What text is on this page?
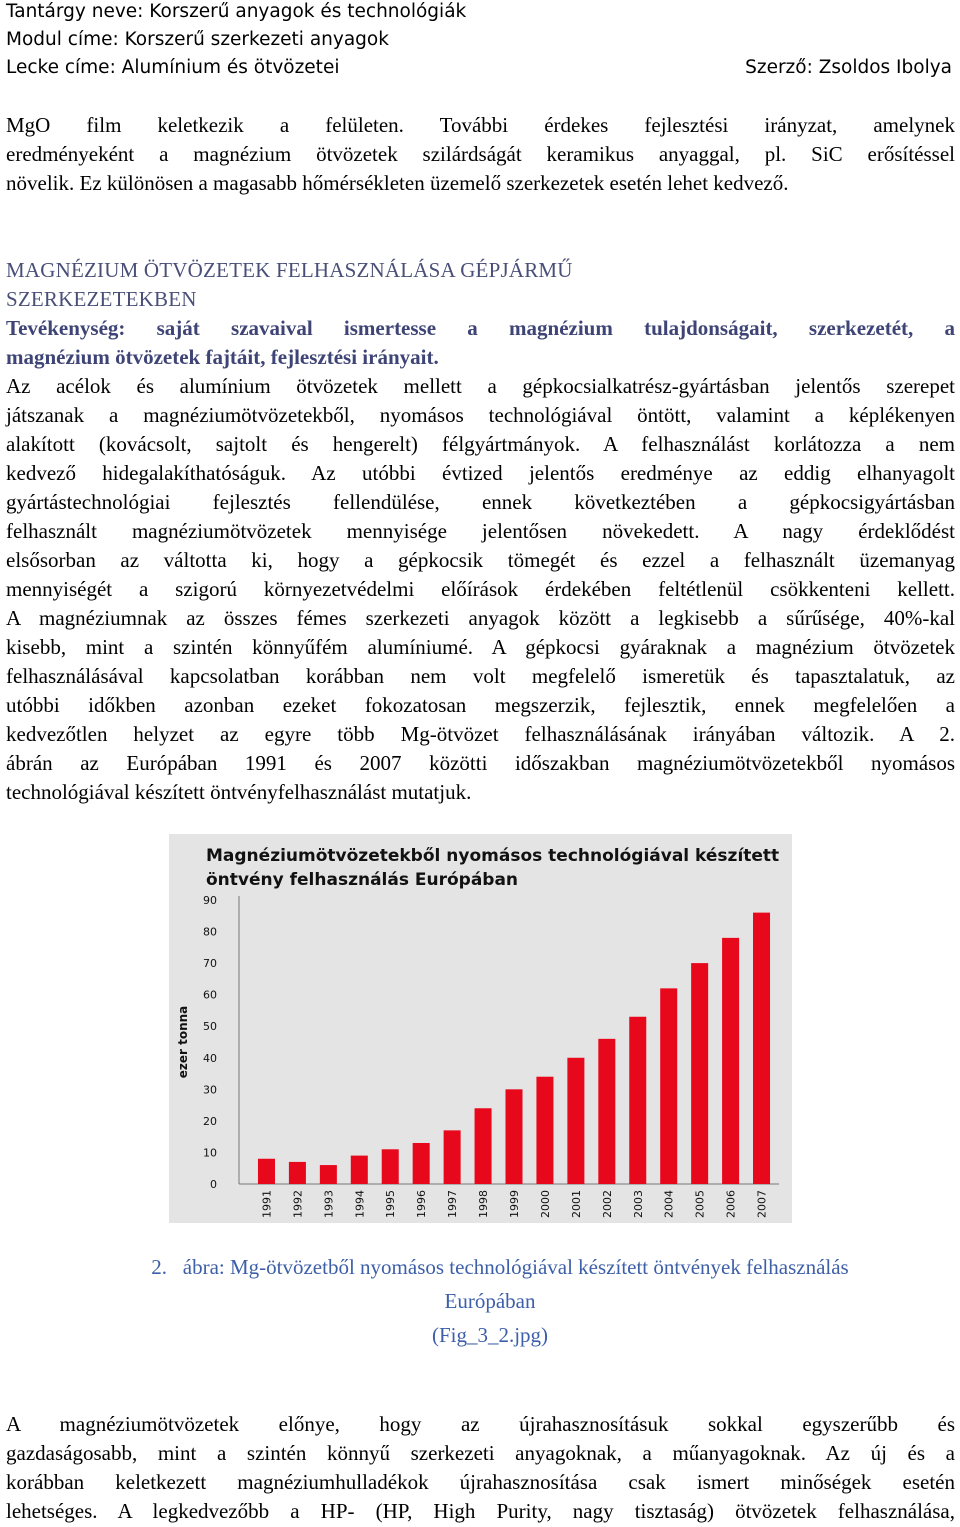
Tantárgy neve: Korszerű anyagok és technológiák
Modul címe: Korszerű szerkezeti anyagok
Lecke címe: Alumínium és ötvözetei	Szerző: Zsoldos Ibolya
MgO film keletkezik a felületen. További érdekes fejlesztési irányzat, amelynek
eredményeként a magnézium ötvözetek szilárdságát keramikus anyaggal, pl. SiC erősítéssel
növelik. Ez különösen a magasabb hőmérsékleten üzemelő szerkezetek esetén lehet kedvező.
MAGNÉZIUM ÖTVÖZETEK FELHASZNÁLÁSA GÉPJÁRMŰ
SZERKEZETEKBEN
Tevékenység: saját szavaival ismertesse a magnézium tulajdonságait, szerkezetét, a
magnézium ötvözetek fajtáit, fejlesztési irányait.
Az acélok és alumínium ötvözetek mellett a gépkocsialkatrész-gyártásban jelentős szerepet
játszanak a magnéziumötvözetekből, nyomásos technológiával öntött, valamint a képlékenyen
alakított (kovácsolt, sajtolt és hengerelt) félgyártmányok. A felhasználást korlátozza a nem
kedvező hidegalakíthatóságuk. Az utóbbi évtized jelentős eredménye az eddig elhanyagolt
gyártástechnológiai fejlesztés fellendülése, ennek következtében a gépkocsigyártásban
felhasznált magnéziumötvözetek mennyisége jelentősen növekedett. A nagy érdeklődést
elsősorban az váltotta ki, hogy a gépkocsik tömegét és ezzel a felhasznált üzemanyag
mennyiségét a szigorú környezetvédelmi előírások érdekében feltétlenül csökkenteni kellett.
A magnéziumnak az összes fémes szerkezeti anyagok között a legkisebb a sűrűsége, 40%-kal
kisebb, mint a szintén könnyűfém alumíniumé. A gépkocsi gyáraknak a magnézium ötvözetek
felhasználásával kapcsolatban korábban nem volt megfelelő ismeretük és tapasztalatuk, az
utóbbi időkben azonban ezeket fokozatosan megszerzik, fejlesztik, ennek megfelelően a
kedvezőtlen helyzet az egyre több Mg-ötvözet felhasználásának irányában változik. A 2.
ábrán az Európában 1991 és 2007 közötti időszakban magnéziumötvözetekből nyomásos
technológiával készített öntvényfelhasználást mutatjuk.
Magnéziumötvözetekből nyomásos technológiával készített
öntvény felhasználás Európában
ezer tonna
0
10
20
30
40
50
60
70
80
90
1991 1992 1993 1994 1995 1996 1997 1998 1999 2000 2001 2002 2003 2004 2005 2006 2007
2. ábra: Mg-ötvözetből nyomásos technológiával készített öntvények felhasználás
Európában
(Fig_3_2.jpg)
A magnéziumötvözetek előnye, hogy az újrahasznosításuk sokkal egyszerűbb és
gazdaságosabb, mint a szintén könnyű szerkezeti anyagoknak, a műanyagoknak. Az új és a
korábban keletkezett magnéziumhulladékok újrahasznosítása csak ismert minőségek esetén
lehetséges. A legkedvezőbb a HP- (HP, High Purity, nagy tisztaság) ötvözetek felhasználása,
